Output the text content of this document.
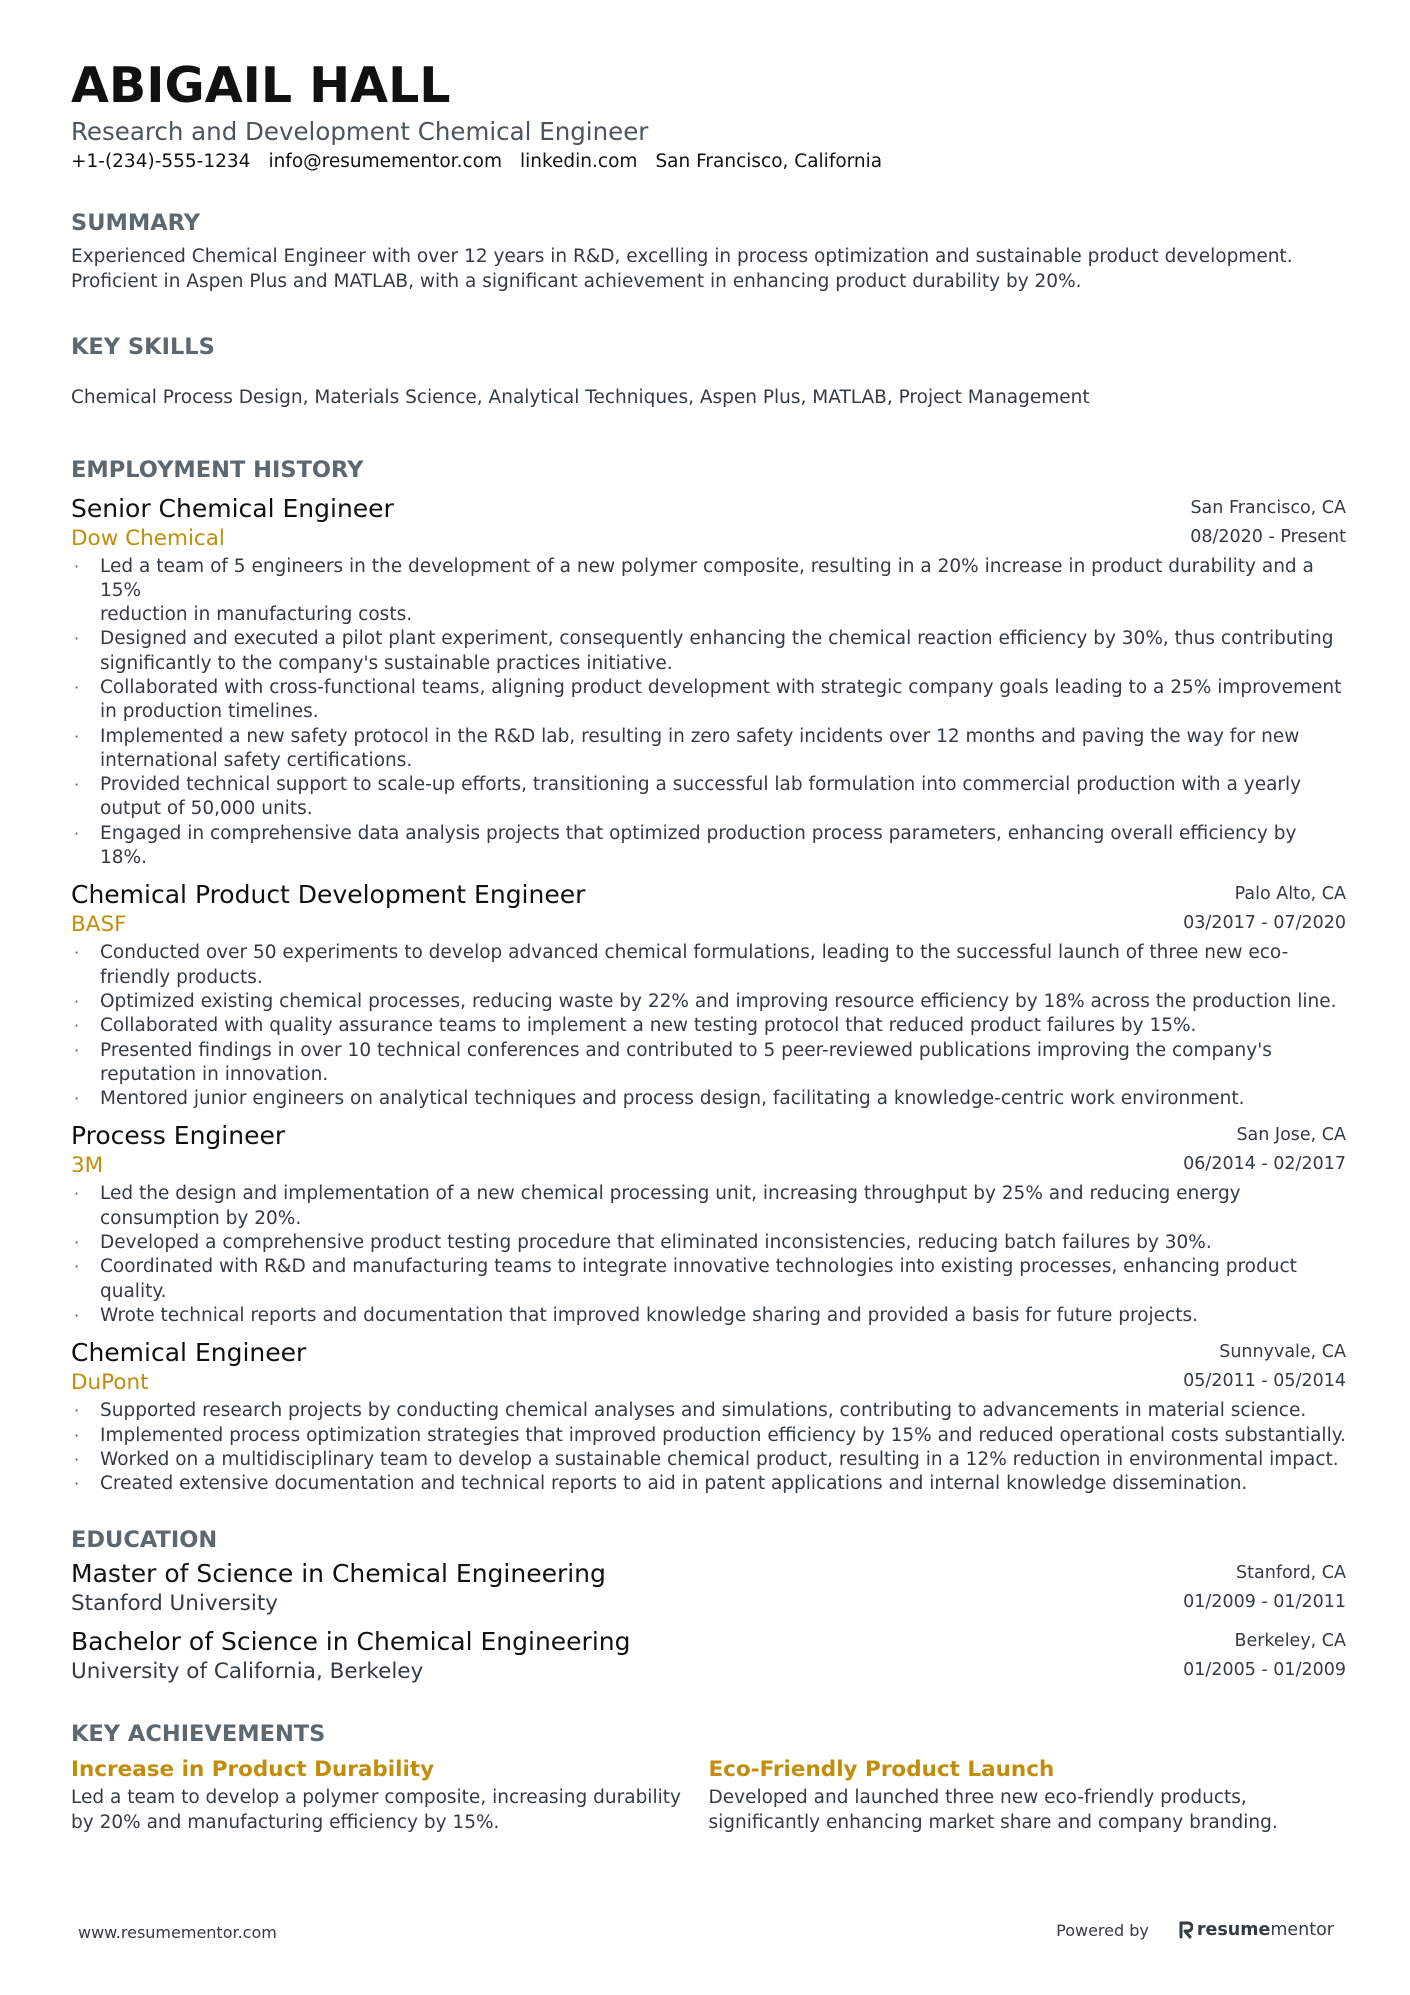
ABIGAIL HALL
Research and Development Chemical Engineer
+1-(234)-555-1234 info@resumementor.com linkedin.com San Francisco, California
SUMMARY
Experienced Chemical Engineer with over 12 years in R&D, excelling in process optimization and sustainable product development.
Proficient in Aspen Plus and MATLAB, with a significant achievement in enhancing product durability by 20%.
KEY SKILLS
Chemical Process Design, Materials Science, Analytical Techniques, Aspen Plus, MATLAB, Project Management
EMPLOYMENT HISTORY
Senior Chemical Engineer
Dow Chemical
San Francisco, CA
08/2020 - Present
· Led a team of 5 engineers in the development of a new polymer composite, resulting in a 20% increase in product durability and a 15%
reduction in manufacturing costs.
· Designed and executed a pilot plant experiment, consequently enhancing the chemical reaction efficiency by 30%, thus contributing
significantly to the company's sustainable practices initiative.
· Collaborated with cross-functional teams, aligning product development with strategic company goals leading to a 25% improvement
in production timelines.
· Implemented a new safety protocol in the R&D lab, resulting in zero safety incidents over 12 months and paving the way for new
international safety certifications.
· Provided technical support to scale-up efforts, transitioning a successful lab formulation into commercial production with a yearly
output of 50,000 units.
· Engaged in comprehensive data analysis projects that optimized production process parameters, enhancing overall efficiency by 18%.
Chemical Product Development Engineer
BASF
Palo Alto, CA
03/2017 - 07/2020
· Conducted over 50 experiments to develop advanced chemical formulations, leading to the successful launch of three new eco-
friendly products.
· Optimized existing chemical processes, reducing waste by 22% and improving resource efficiency by 18% across the production line.
· Collaborated with quality assurance teams to implement a new testing protocol that reduced product failures by 15%.
· Presented findings in over 10 technical conferences and contributed to 5 peer-reviewed publications improving the company's
reputation in innovation.
· Mentored junior engineers on analytical techniques and process design, facilitating a knowledge-centric work environment.
Process Engineer
3M
San Jose, CA
06/2014 - 02/2017
· Led the design and implementation of a new chemical processing unit, increasing throughput by 25% and reducing energy
consumption by 20%.
· Developed a comprehensive product testing procedure that eliminated inconsistencies, reducing batch failures by 30%.
· Coordinated with R&D and manufacturing teams to integrate innovative technologies into existing processes, enhancing product
quality.
· Wrote technical reports and documentation that improved knowledge sharing and provided a basis for future projects.
Chemical Engineer
DuPont
Sunnyvale, CA
05/2011 - 05/2014
· Supported research projects by conducting chemical analyses and simulations, contributing to advancements in material science.
· Implemented process optimization strategies that improved production efficiency by 15% and reduced operational costs substantially.
· Worked on a multidisciplinary team to develop a sustainable chemical product, resulting in a 12% reduction in environmental impact.
· Created extensive documentation and technical reports to aid in patent applications and internal knowledge dissemination.
EDUCATION
Master of Science in Chemical Engineering
Stanford University
Stanford, CA
01/2009 - 01/2011
Bachelor of Science in Chemical Engineering
University of California, Berkeley
Berkeley, CA
01/2005 - 01/2009
KEY ACHIEVEMENTS
Increase in Product Durability
Led a team to develop a polymer composite, increasing durability
by 20% and manufacturing efficiency by 15%.
Eco-Friendly Product Launch
Developed and launched three new eco-friendly products,
significantly enhancing market share and company branding.
www.resumementor.com	Powered by	resume mentor
